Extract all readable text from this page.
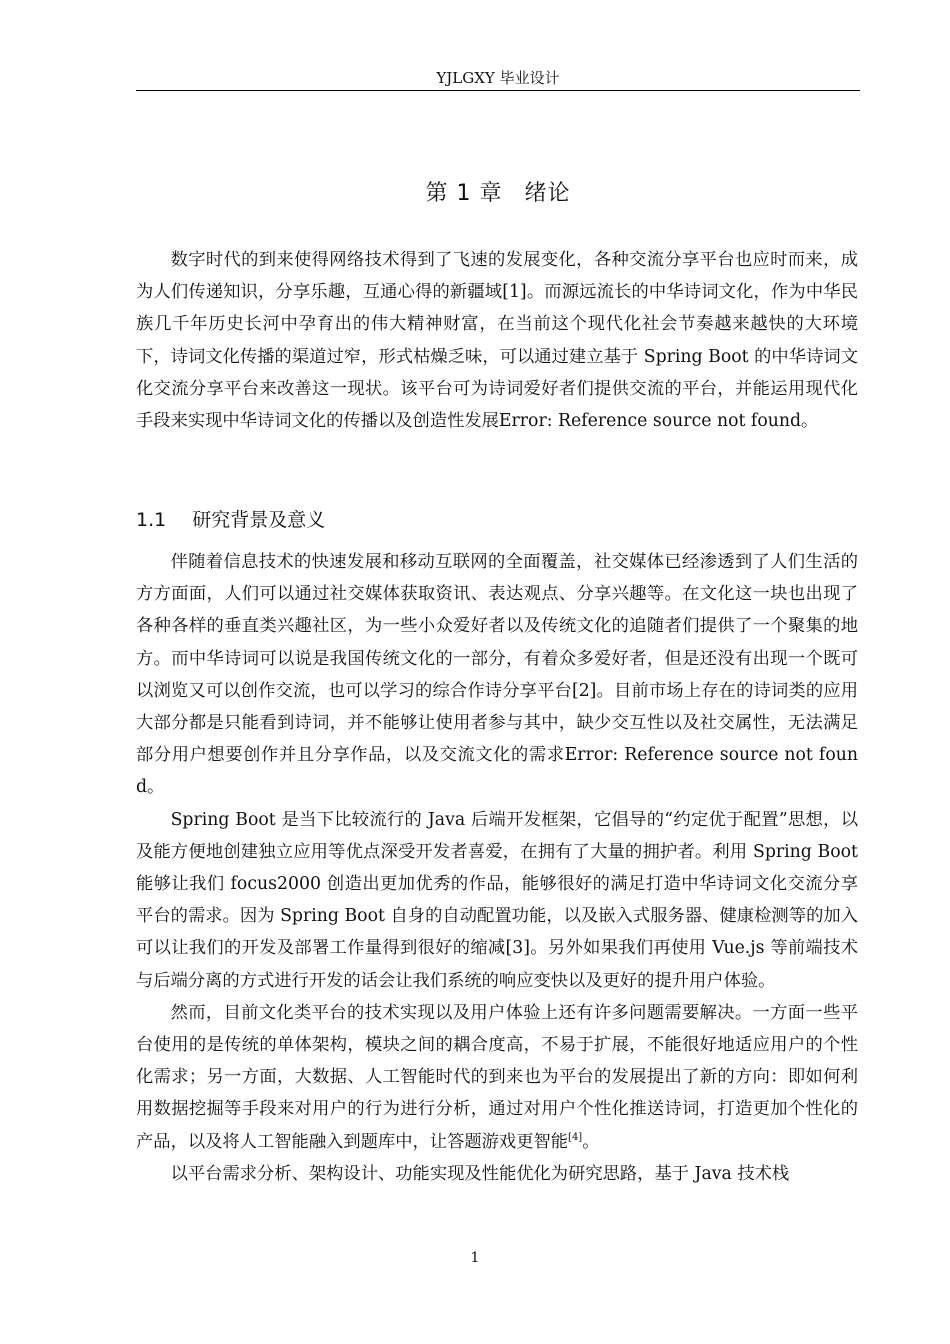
YJLGXY 毕业设计
第 1 章 绪论

数字时代的到来使得网络技术得到了飞速的发展变化，各种交流分享平台也应时而来，成为人们传递知识，分享乐趣，互通心得的新疆域[1]。而源远流长的中华诗词文化，作为中华民族几千年历史长河中孕育出的伟大精神财富，在当前这个现代化社会节奏越来越快的大环境下，诗词文化传播的渠道过窄，形式枯燥乏味，可以通过建立基于 Spring Boot 的中华诗词文化交流分享平台来改善这一现状。该平台可为诗词爱好者们提供交流的平台，并能运用现代化手段来实现中华诗词文化的传播以及创造性发展Error: Reference source not found。

1.1 研究背景及意义

伴随着信息技术的快速发展和移动互联网的全面覆盖，社交媒体已经渗透到了人们生活的方方面面，人们可以通过社交媒体获取资讯、表达观点、分享兴趣等。在文化这一块也出现了各种各样的垂直类兴趣社区，为一些小众爱好者以及传统文化的追随者们提供了一个聚集的地方。而中华诗词可以说是我国传统文化的一部分，有着众多爱好者，但是还没有出现一个既可以浏览又可以创作交流，也可以学习的综合作诗分享平台[2]。目前市场上存在的诗词类的应用大部分都是只能看到诗词，并不能够让使用者参与其中，缺少交互性以及社交属性，无法满足部分用户想要创作并且分享作品，以及交流文化的需求Error: Reference source not found。

Spring Boot 是当下比较流行的 Java 后端开发框架，它倡导的“约定优于配置”思想，以及能方便地创建独立应用等优点深受开发者喜爱，在拥有了大量的拥护者。利用 Spring Boot 能够让我们 focus2000 创造出更加优秀的作品，能够很好的满足打造中华诗词文化交流分享平台的需求。因为 Spring Boot 自身的自动配置功能，以及嵌入式服务器、健康检测等的加入可以让我们的开发及部署工作量得到很好的缩减[3]。另外如果我们再使用 Vue.js 等前端技术与后端分离的方式进行开发的话会让我们系统的响应变快以及更好的提升用户体验。

然而，目前文化类平台的技术实现以及用户体验上还有许多问题需要解决。一方面一些平台使用的是传统的单体架构，模块之间的耦合度高，不易于扩展，不能很好地适应用户的个性化需求；另一方面，大数据、人工智能时代的到来也为平台的发展提出了新的方向：即如何利用数据挖掘等手段来对用户的行为进行分析，通过对用户个性化推送诗词，打造更加个性化的产品，以及将人工智能融入到题库中，让答题游戏更智能[4]。

以平台需求分析、架构设计、功能实现及性能优化为研究思路，基于 Java 技术栈

1
